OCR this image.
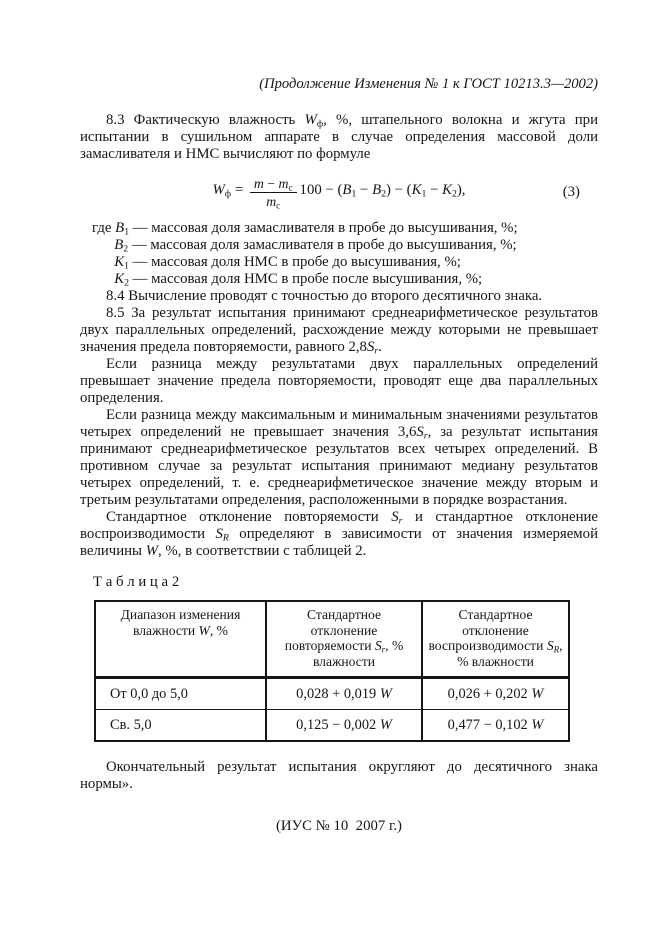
(Продолжение Изменения № 1 к ГОСТ 10213.3—2002)

8.3 Фактическую влажность $W_ф$, %, штапельного волокна и жгута при испытании в сушильном аппарате в случае определения массовой доли замасливателя и НМС вычисляют по формуле

$W_ф = \frac{m - m_с}{m_с} 100 - (B_1 - B_2) - (K_1 - K_2)$,	(3)
где $B_1$ — массовая доля замасливателя в пробе до высушивания, %;
$B_2$ — массовая доля замасливателя в пробе до высушивания, %;
$K_1$ — массовая доля НМС в пробе до высушивания, %;
$K_2$ — массовая доля НМС в пробе после высушивания, %;

8.4 Вычисление проводят с точностью до второго десятичного знака.

8.5 За результат испытания принимают среднеарифметическое результатов двух параллельных определений, расхождение между которыми не превышает значения предела повторяемости, равного $2,8S_r$.

Если разница между результатами двух параллельных определений превышает значение предела повторяемости, проводят еще два параллельных определения.

Если разница между максимальным и минимальным значениями результатов четырех определений не превышает значения $3,6S_r$, за результат испытания принимают среднеарифметическое результатов всех четырех определений. В противном случае за результат испытания принимают медиану результатов четырех определений, т. е. среднеарифметическое значение между вторым и третьим результатами определения, расположенными в порядке возрастания.

Стандартное отклонение повторяемости $S_r$ и стандартное отклонение воспроизводимости $S_R$ определяют в зависимости от значения измеряемой величины W, %, в соответствии с таблицей 2.

Т а б л и ц а 2
Диапазон изменения влажности W, %	Стандартное отклонение повторяемости $S_r$, % влажности	Стандартное отклонение воспроизводимости $S_R$, % влажности
От 0,0 до 5,0	0,028 + 0,019 W	0,026 + 0,202 W
Св. 5,0	0,125 − 0,002 W	0,477 − 0,102 W

Окончательный результат испытания округляют до десятичного знака нормы».

(ИУС № 10  2007 г.)
